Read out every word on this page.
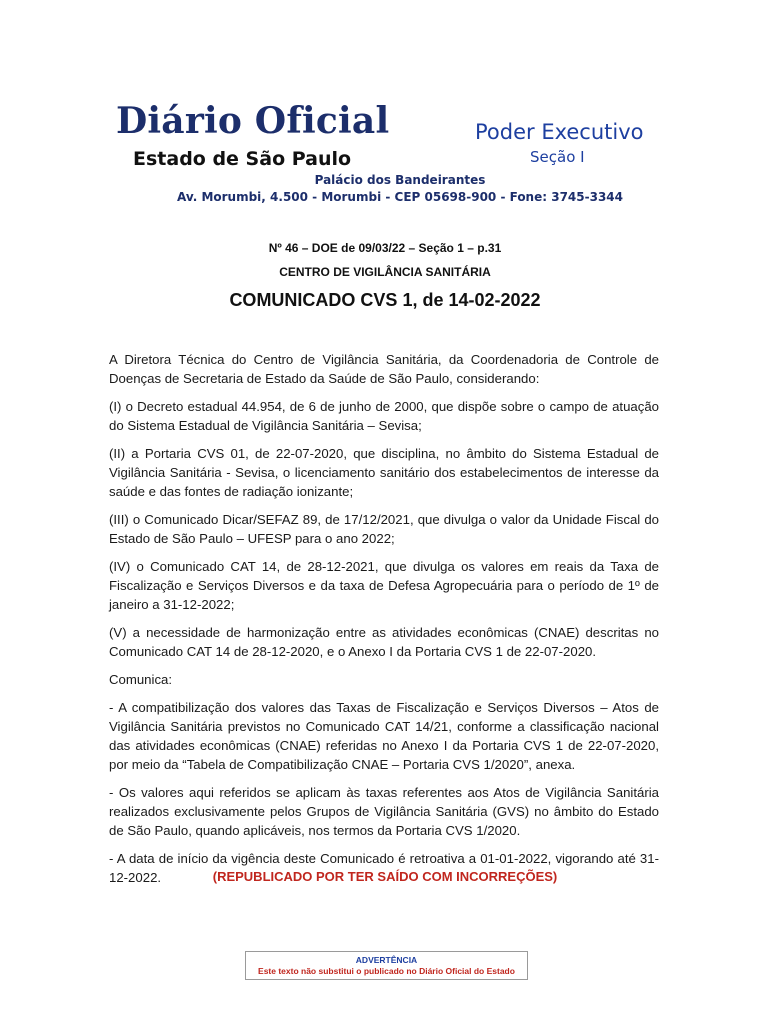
Diário Oficial
Estado de São Paulo
Poder Executivo
Seção I
Palácio dos Bandeirantes
Av. Morumbi, 4.500 - Morumbi - CEP 05698-900 - Fone: 3745-3344
Nº 46 – DOE de 09/03/22 – Seção 1 – p.31
CENTRO DE VIGILÂNCIA SANITÁRIA
COMUNICADO CVS 1, de 14-02-2022

A Diretora Técnica do Centro de Vigilância Sanitária, da Coordenadoria de Controle de Doenças de Secretaria de Estado da Saúde de São Paulo, considerando:

(I) o Decreto estadual 44.954, de 6 de junho de 2000, que dispõe sobre o campo de atuação do Sistema Estadual de Vigilância Sanitária – Sevisa;

(II) a Portaria CVS 01, de 22-07-2020, que disciplina, no âmbito do Sistema Estadual de Vigilância Sanitária - Sevisa, o licenciamento sanitário dos estabelecimentos de interesse da saúde e das fontes de radiação ionizante;

(III) o Comunicado Dicar/SEFAZ 89, de 17/12/2021, que divulga o valor da Unidade Fiscal do Estado de São Paulo – UFESP para o ano 2022;

(IV) o Comunicado CAT 14, de 28-12-2021, que divulga os valores em reais da Taxa de Fiscalização e Serviços Diversos e da taxa de Defesa Agropecuária para o período de 1º de janeiro a 31-12-2022;

(V) a necessidade de harmonização entre as atividades econômicas (CNAE) descritas no Comunicado CAT 14 de 28-12-2020, e o Anexo I da Portaria CVS 1 de 22-07-2020.

Comunica:

- A compatibilização dos valores das Taxas de Fiscalização e Serviços Diversos – Atos de Vigilância Sanitária previstos no Comunicado CAT 14/21, conforme a classificação nacional das atividades econômicas (CNAE) referidas no Anexo I da Portaria CVS 1 de 22-07-2020, por meio da “Tabela de Compatibilização CNAE – Portaria CVS 1/2020”, anexa.

- Os valores aqui referidos se aplicam às taxas referentes aos Atos de Vigilância Sanitária realizados exclusivamente pelos Grupos de Vigilância Sanitária (GVS) no âmbito do Estado de São Paulo, quando aplicáveis, nos termos da Portaria CVS 1/2020.

- A data de início da vigência deste Comunicado é retroativa a 01-01-2022, vigorando até 31-12-2022.	(REPUBLICADO POR TER SAÍDO COM INCORREÇÕES)
ADVERTÊNCIA
Este texto não substitui o publicado no Diário Oficial do Estado
